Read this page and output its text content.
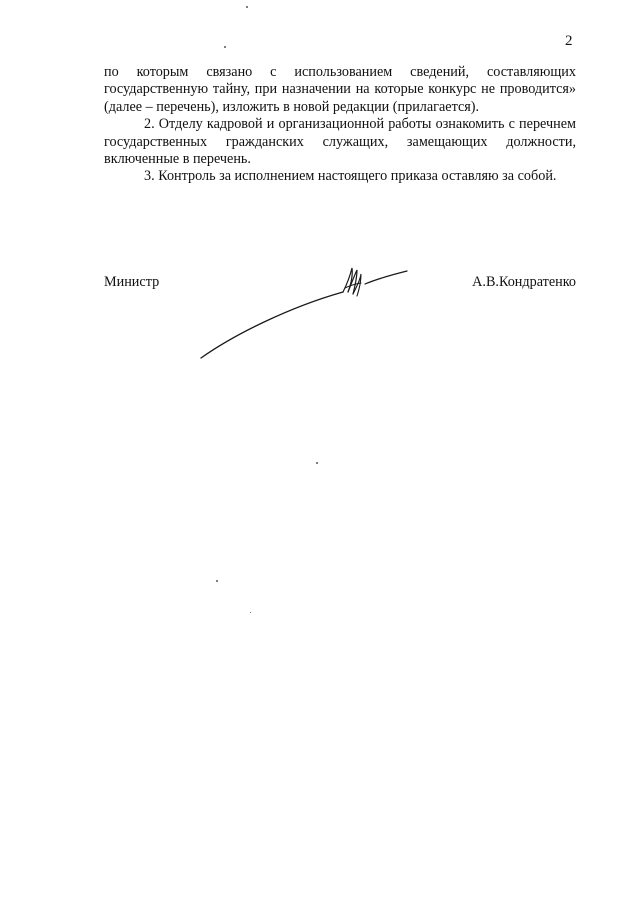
2

по которым связано с использованием сведений, составляющих государственную тайну, при назначении на которые конкурс не проводится» (далее – перечень), изложить в новой редакции (прилагается).

2. Отделу кадровой и организационной работы ознакомить с перечнем государственных гражданских служащих, замещающих должности, включенные в перечень.

3. Контроль за исполнением настоящего приказа оставляю за собой.

Министр	А.В.Кондратенко
